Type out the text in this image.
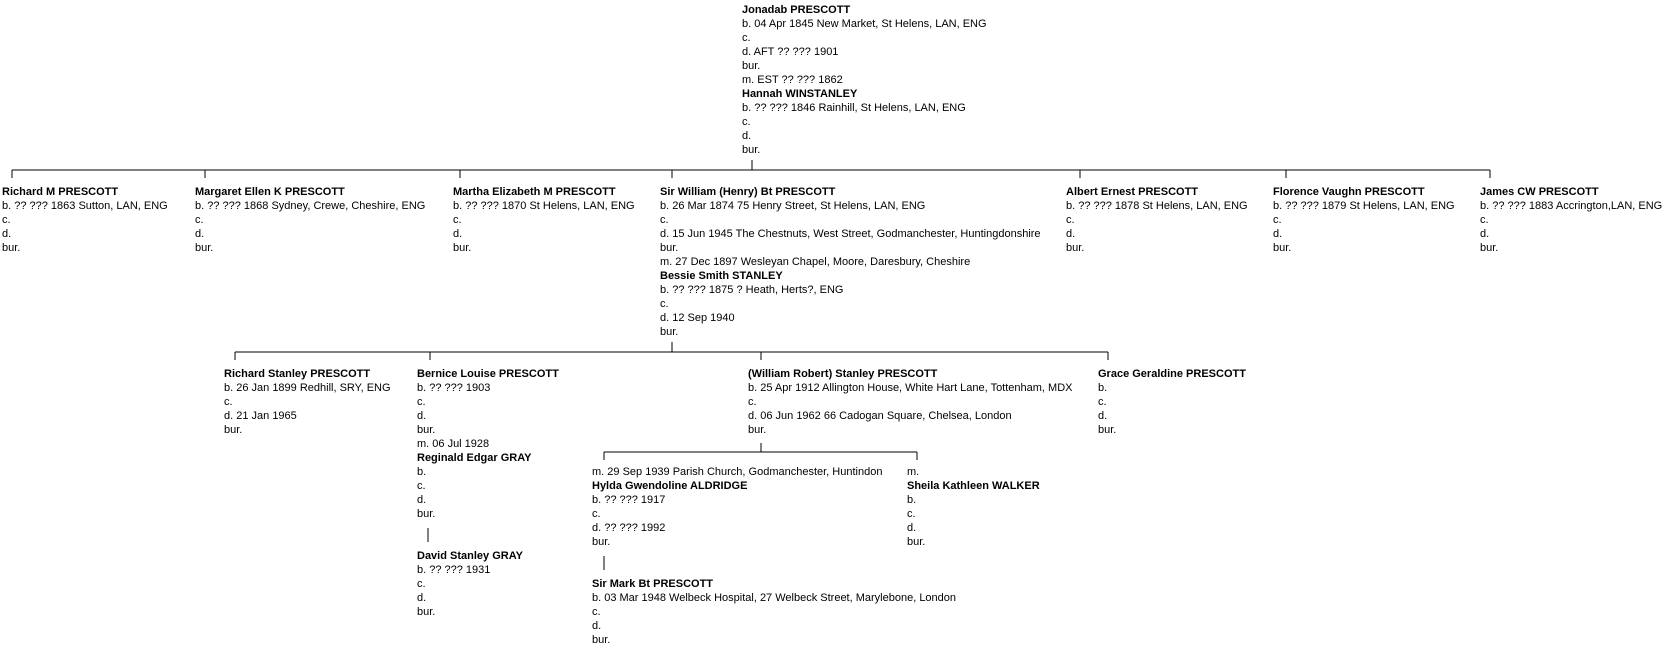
Jonadab PRESCOTT
b. 04 Apr 1845 New Market, St Helens, LAN, ENG
c.
d. AFT ?? ??? 1901
bur.
m. EST ?? ??? 1862
Hannah WINSTANLEY
b. ?? ??? 1846 Rainhill, St Helens, LAN, ENG
c.
d.
bur.
Richard M PRESCOTT
b. ?? ??? 1863 Sutton, LAN, ENG
c.
d.
bur.
Margaret Ellen K PRESCOTT
b. ?? ??? 1868 Sydney, Crewe, Cheshire, ENG
c.
d.
bur.
Martha Elizabeth M PRESCOTT
b. ?? ??? 1870 St Helens, LAN, ENG
c.
d.
bur.
Sir William (Henry) Bt PRESCOTT
b. 26 Mar 1874 75 Henry Street, St Helens, LAN, ENG
c.
d. 15 Jun 1945 The Chestnuts, West Street, Godmanchester, Huntingdonshire
bur.
m. 27 Dec 1897 Wesleyan Chapel, Moore, Daresbury, Cheshire
Bessie Smith STANLEY
b. ?? ??? 1875 ? Heath, Herts?, ENG
c.
d. 12 Sep 1940
bur.
Albert Ernest PRESCOTT
b. ?? ??? 1878 St Helens, LAN, ENG
c.
d.
bur.
Florence Vaughn PRESCOTT
b. ?? ??? 1879 St Helens, LAN, ENG
c.
d.
bur.
James CW PRESCOTT
b. ?? ??? 1883 Accrington,LAN, ENG
c.
d.
bur.
Richard Stanley PRESCOTT
b. 26 Jan 1899 Redhill, SRY, ENG
c.
d. 21 Jan 1965
bur.
Bernice Louise PRESCOTT
b. ?? ??? 1903
c.
d.
bur.
m. 06 Jul 1928
Reginald Edgar GRAY
b.
c.
d.
bur.
(William Robert) Stanley PRESCOTT
b. 25 Apr 1912 Allington House, White Hart Lane, Tottenham, MDX
c.
d. 06 Jun 1962 66 Cadogan Square, Chelsea, London
bur.
Grace Geraldine PRESCOTT
b.
c.
d.
bur.
m. 29 Sep 1939 Parish Church, Godmanchester, Huntindon
Hylda Gwendoline ALDRIDGE
b. ?? ??? 1917
c.
d. ?? ??? 1992
bur.
m.
Sheila Kathleen WALKER
b.
c.
d.
bur.
David Stanley GRAY
b. ?? ??? 1931
c.
d.
bur.
Sir Mark Bt PRESCOTT
b. 03 Mar 1948 Welbeck Hospital, 27 Welbeck Street, Marylebone, London
c.
d.
bur.
